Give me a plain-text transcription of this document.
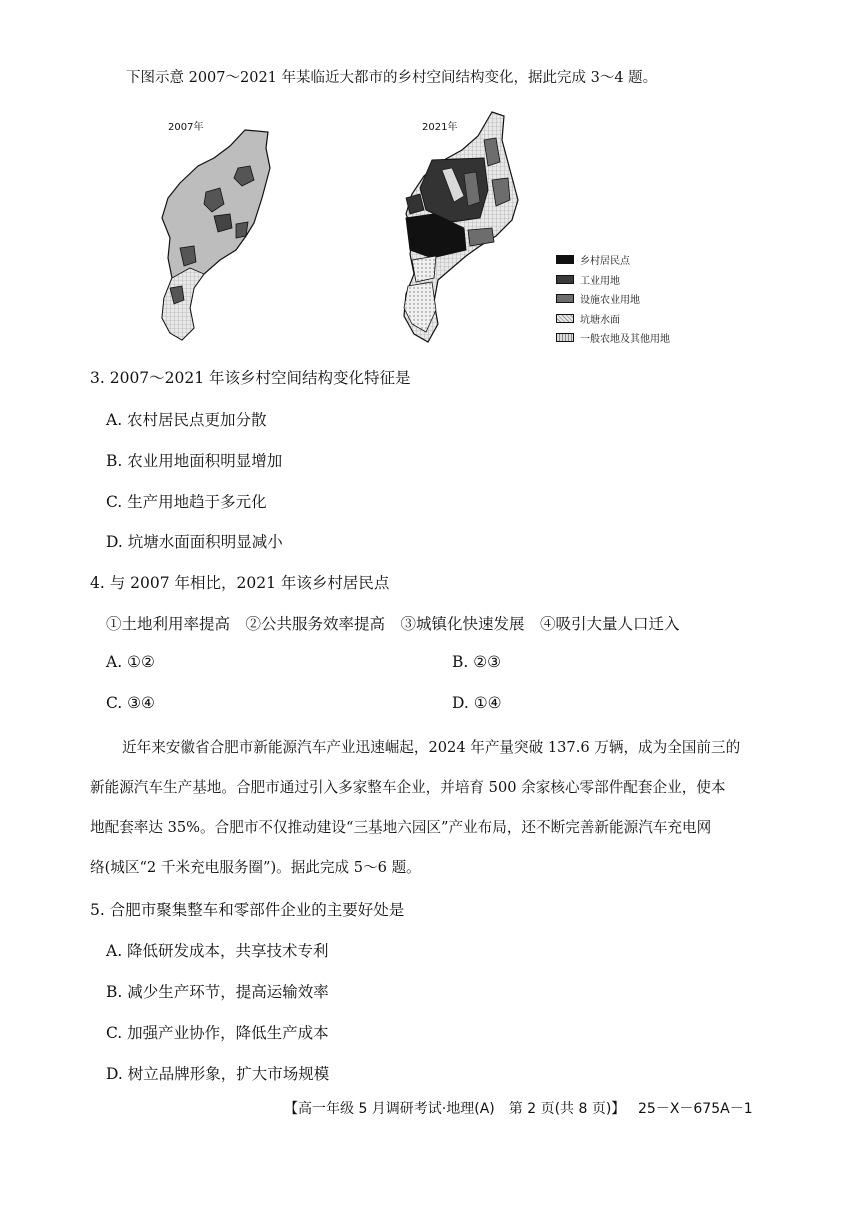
下图示意 2007～2021 年某临近大都市的乡村空间结构变化，据此完成 3～4 题。
2007年	2021年
乡村居民点
工业用地
设施农业用地
坑塘水面
一般农地及其他用地
3. 2007～2021 年该乡村空间结构变化特征是
A. 农村居民点更加分散
B. 农业用地面积明显增加
C. 生产用地趋于多元化
D. 坑塘水面面积明显减小
4. 与 2007 年相比，2021 年该乡村居民点
①土地利用率提高　②公共服务效率提高　③城镇化快速发展　④吸引大量人口迁入
A. ①②	B. ②③
C. ③④	D. ①④
近年来安徽省合肥市新能源汽车产业迅速崛起，2024 年产量突破 137.6 万辆，成为全国前三的
新能源汽车生产基地。合肥市通过引入多家整车企业，并培育 500 余家核心零部件配套企业，使本
地配套率达 35%。合肥市不仅推动建设“三基地六园区”产业布局，还不断完善新能源汽车充电网
络(城区“2 千米充电服务圈”)。据此完成 5～6 题。
5. 合肥市聚集整车和零部件企业的主要好处是
A. 降低研发成本，共享技术专利
B. 减少生产环节，提高运输效率
C. 加强产业协作，降低生产成本
D. 树立品牌形象，扩大市场规模
【高一年级 5 月调研考试·地理(A)　第 2 页(共 8 页)】 25－X－675A－1
